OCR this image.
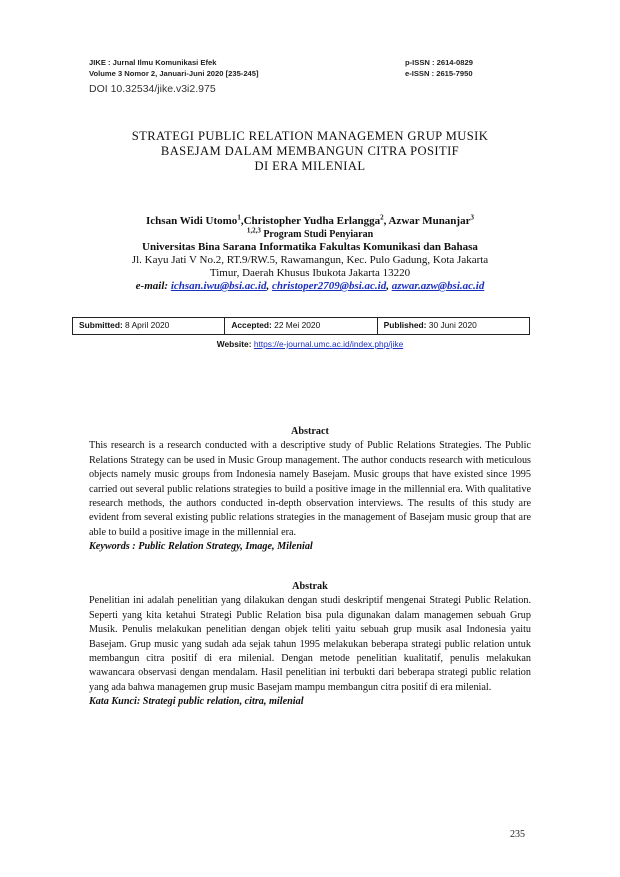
JIKE : Jurnal Ilmu Komunikasi Efek
Volume 3 Nomor 2, Januari-Juni 2020 [235-245]
p-ISSN : 2614-0829
e-ISSN : 2615-7950
DOI 10.32534/jike.v3i2.975
STRATEGI PUBLIC RELATION MANAGEMEN GRUP MUSIK
BASEJAM DALAM MEMBANGUN CITRA POSITIF
DI ERA MILENIAL
Ichsan Widi Utomo$^1$,Christopher Yudha Erlangga$^2$, Azwar Munanjar$^3$
$^{1,2,3}$ Program Studi Penyiaran
Universitas Bina Sarana Informatika Fakultas Komunikasi dan Bahasa
Jl. Kayu Jati V No.2, RT.9/RW.5, Rawamangun, Kec. Pulo Gadung, Kota Jakarta
Timur, Daerah Khusus Ibukota Jakarta 13220
e-mail: ichsan.iwu@bsi.ac.id, christoper2709@bsi.ac.id, azwar.azw@bsi.ac.id
Submitted: 8 April 2020	Accepted: 22 Mei 2020	Published: 30 Juni 2020
Website: https://e-journal.umc.ac.id/index.php/jike
Abstract
This research is a research conducted with a descriptive study of Public Relations Strategies. The Public Relations Strategy can be used in Music Group management. The author conducts research with meticulous objects namely music groups from Indonesia namely Basejam. Music groups that have existed since 1995 carried out several public relations strategies to build a positive image in the millennial era. With qualitative research methods, the authors conducted in-depth observation interviews. The results of this study are evident from several existing public relations strategies in the management of Basejam music group that are able to build a positive image in the millennial era.
Keywords : Public Relation Strategy, Image, Milenial
Abstrak
Penelitian ini adalah penelitian yang dilakukan dengan studi deskriptif mengenai Strategi Public Relation. Seperti yang kita ketahui Strategi Public Relation bisa pula digunakan dalam managemen sebuah Grup Musik. Penulis melakukan penelitian dengan objek teliti yaitu sebuah grup musik asal Indonesia yaitu Basejam. Grup music yang sudah ada sejak tahun 1995 melakukan beberapa strategi public relation untuk membangun citra positif di era milenial. Dengan metode penelitian kualitatif, penulis melakukan wawancara observasi dengan mendalam. Hasil penelitian ini terbukti dari beberapa strategi public relation yang ada bahwa managemen grup music Basejam mampu membangun citra positif di era milenial.
Kata Kunci: Strategi public relation, citra, milenial
235
